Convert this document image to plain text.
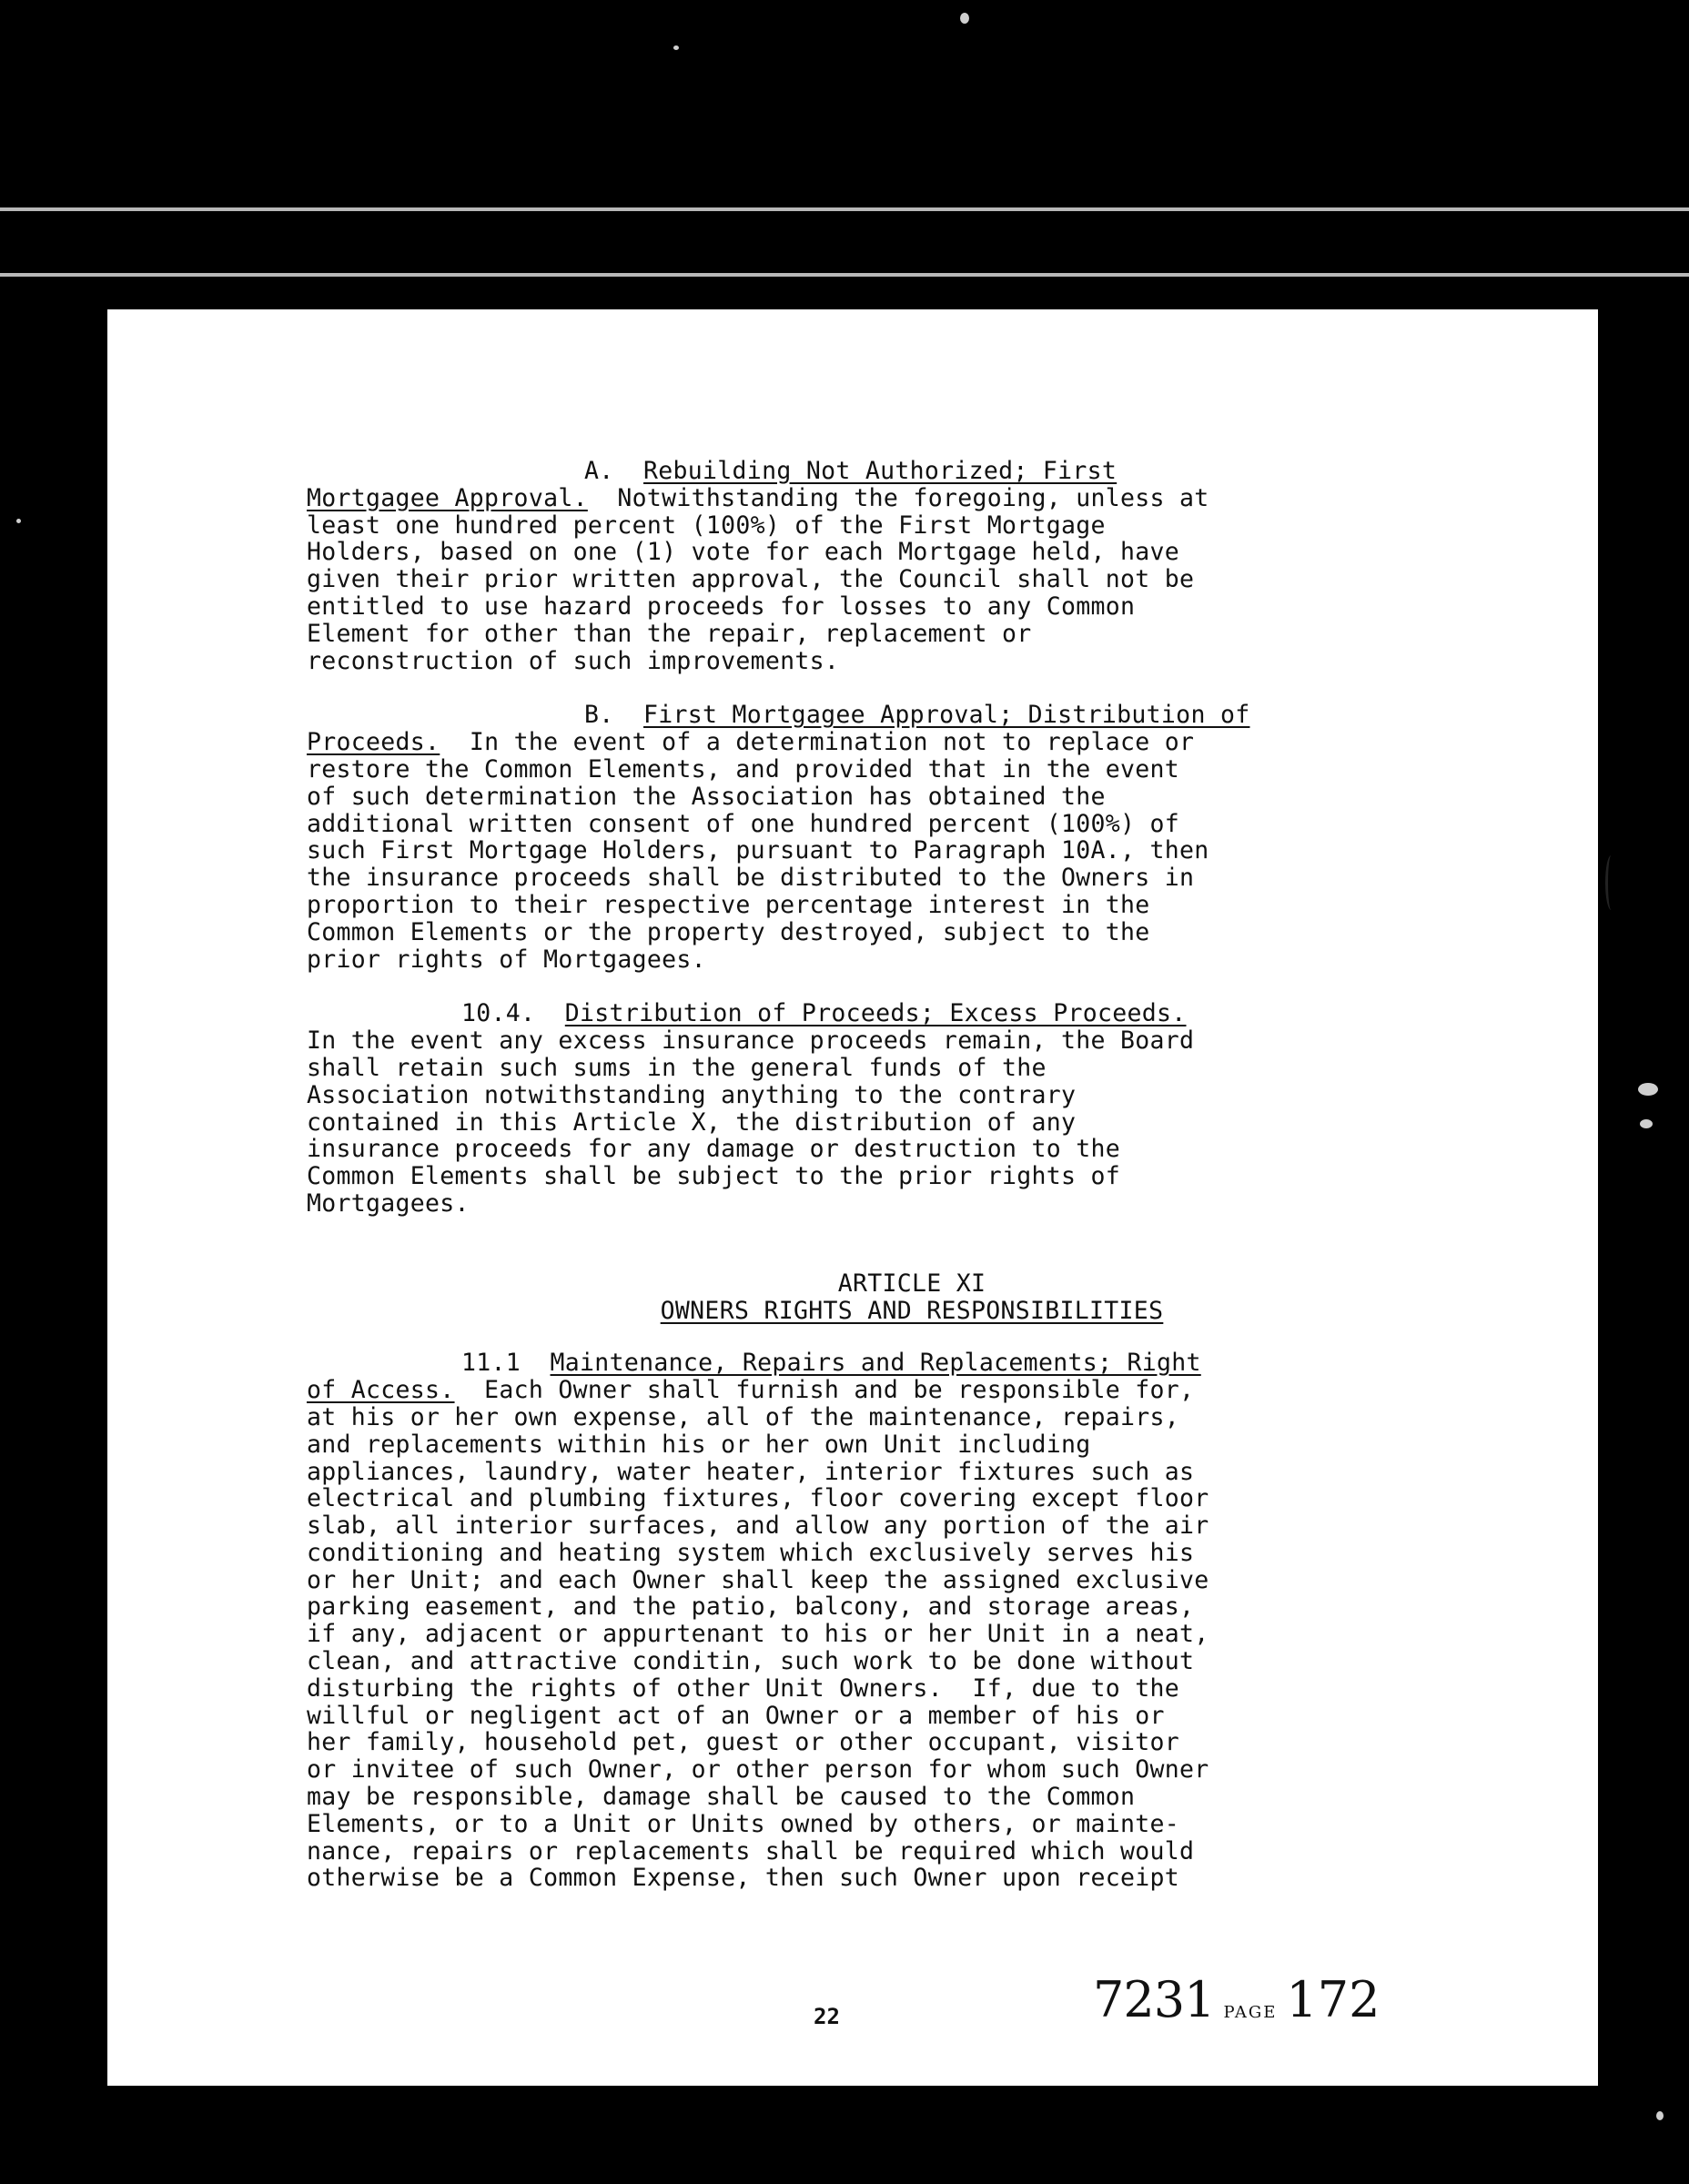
A. Rebuilding Not Authorized; First
Mortgagee Approval. Notwithstanding the foregoing, unless at
least one hundred percent (100%) of the First Mortgage
Holders, based on one (1) vote for each Mortgage held, have
given their prior written approval, the Council shall not be
entitled to use hazard proceeds for losses to any Common
Element for other than the repair, replacement or
reconstruction of such improvements.
B. First Mortgagee Approval; Distribution of
Proceeds. In the event of a determination not to replace or
restore the Common Elements, and provided that in the event
of such determination the Association has obtained the
additional written consent of one hundred percent (100%) of
such First Mortgage Holders, pursuant to Paragraph 10A., then
the insurance proceeds shall be distributed to the Owners in
proportion to their respective percentage interest in the
Common Elements or the property destroyed, subject to the
prior rights of Mortgagees.
10.4. Distribution of Proceeds; Excess Proceeds.
In the event any excess insurance proceeds remain, the Board
shall retain such sums in the general funds of the
Association notwithstanding anything to the contrary
contained in this Article X, the distribution of any
insurance proceeds for any damage or destruction to the
Common Elements shall be subject to the prior rights of
Mortgagees.
ARTICLE XI
OWNERS RIGHTS AND RESPONSIBILITIES
11.1 Maintenance, Repairs and Replacements; Right
of Access. Each Owner shall furnish and be responsible for,
at his or her own expense, all of the maintenance, repairs,
and replacements within his or her own Unit including
appliances, laundry, water heater, interior fixtures such as
electrical and plumbing fixtures, floor covering except floor
slab, all interior surfaces, and allow any portion of the air
conditioning and heating system which exclusively serves his
or her Unit; and each Owner shall keep the assigned exclusive
parking easement, and the patio, balcony, and storage areas,
if any, adjacent or appurtenant to his or her Unit in a neat,
clean, and attractive conditin, such work to be done without
disturbing the rights of other Unit Owners.  If, due to the
willful or negligent act of an Owner or a member of his or
her family, household pet, guest or other occupant, visitor
or invitee of such Owner, or other person for whom such Owner
may be responsible, damage shall be caused to the Common
Elements, or to a Unit or Units owned by others, or mainte-
nance, repairs or replacements shall be required which would
otherwise be a Common Expense, then such Owner upon receipt
22	7231 PAGE 172
